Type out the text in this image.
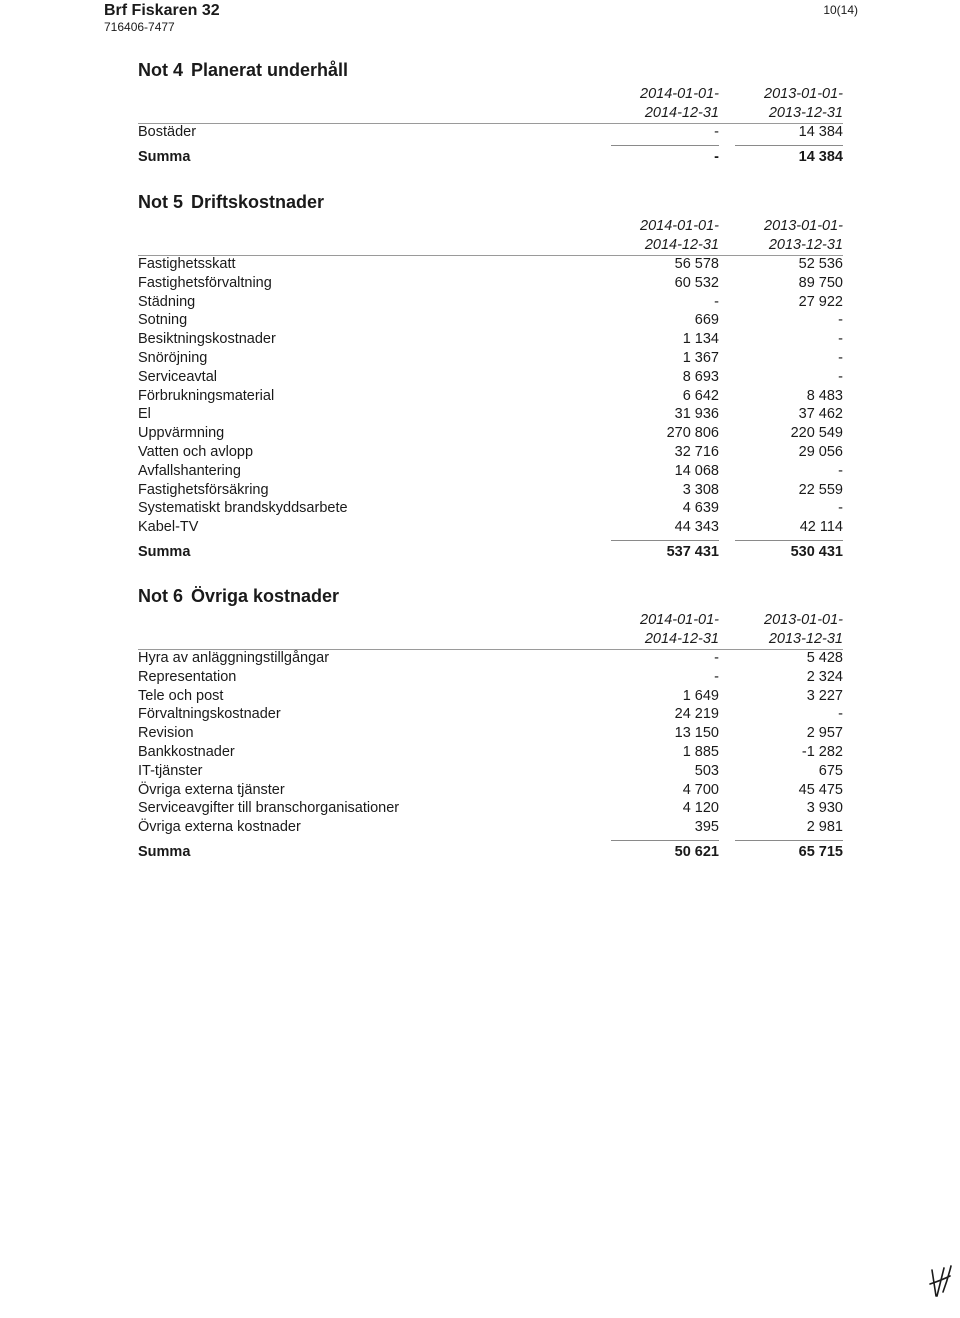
Brf Fiskaren 32
716406-7477
10(14)
Not 4 Planerat underhåll
2014-01-01-
2014-12-31
2013-01-01-
2013-12-31
Bostäder	-	14 384
Summa	-	14 384
Not 5 Driftskostnader
2014-01-01-
2014-12-31
2013-01-01-
2013-12-31
Fastighetsskatt	56 578	52 536
Fastighetsförvaltning	60 532	89 750
Städning	-	27 922
Sotning	669	-
Besiktningskostnader	1 134	-
Snöröjning	1 367	-
Serviceavtal	8 693	-
Förbrukningsmaterial	6 642	8 483
El	31 936	37 462
Uppvärmning	270 806	220 549
Vatten och avlopp	32 716	29 056
Avfallshantering	14 068	-
Fastighetsförsäkring	3 308	22 559
Systematiskt brandskyddsarbete	4 639	-
Kabel-TV	44 343	42 114
Summa	537 431	530 431
Not 6 Övriga kostnader
2014-01-01-
2014-12-31
2013-01-01-
2013-12-31
Hyra av anläggningstillgångar	-	5 428
Representation	-	2 324
Tele och post	1 649	3 227
Förvaltningskostnader	24 219	-
Revision	13 150	2 957
Bankkostnader	1 885	-1 282
IT-tjänster	503	675
Övriga externa tjänster	4 700	45 475
Serviceavgifter till branschorganisationer	4 120	3 930
Övriga externa kostnader	395	2 981
Summa	50 621	65 715
